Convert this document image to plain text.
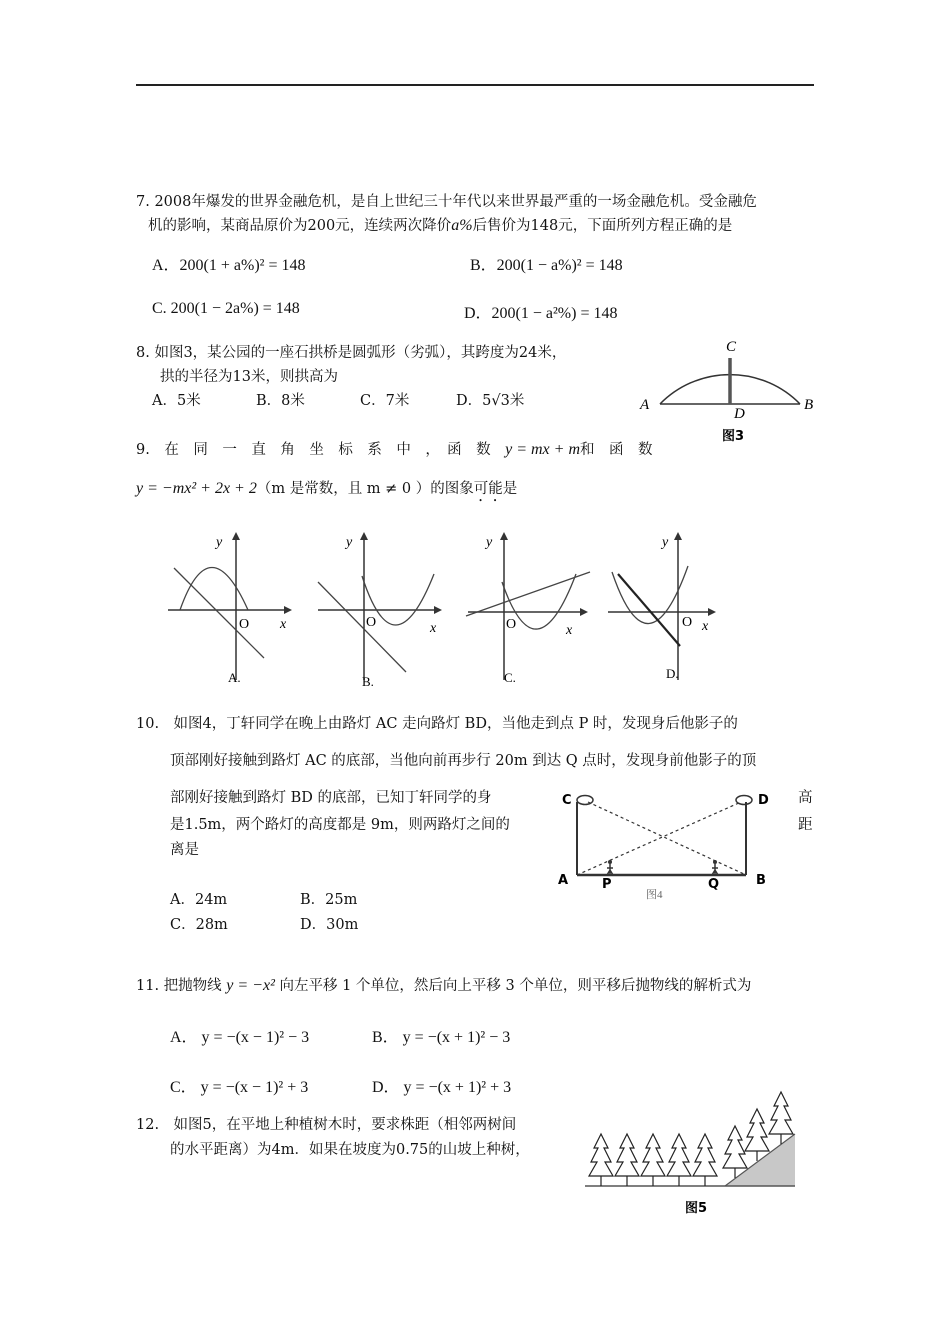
7. 2008年爆发的世界金融危机，是自上世纪三十年代以来世界最严重的一场金融危机。受金融危
机的影响，某商品原价为200元，连续两次降价a%后售价为148元，下面所列方程正确的是
A．200(1 + a%)² = 148	B．200(1 − a%)² = 148
C. 200(1 − 2a%) = 148	D．200(1 − a²%) = 148
8. 如图3，某公园的一座石拱桥是圆弧形（劣弧），其跨度为24米，
拱的半径为13米，则拱高为
A．5米	B．8米	C．7米	D．5√3米
C
A	B
D
图3
9.　在　同　一　直　角　坐　标　系　中　，　函　数　 y = mx + m和　函　数
y = −mx² + 2x + 2（m 是常数，且 m ≠ 0 ）的图象可能是
y
x
O
A.
y
x
O
B.
y
x
O
C.
y
x
O
D.
10.　如图4，丁轩同学在晚上由路灯 AC 走向路灯 BD，当他走到点 P 时，发现身后他影子的
顶部刚好接触到路灯 AC 的底部，当他向前再步行 20m 到达 Q 点时，发现身前他影子的顶
部刚好接触到路灯 BD 的底部，已知丁轩同学的身	高
是1.5m，两个路灯的高度都是 9m，则两路灯之间的	距
离是
A．24m	B．25m
C．28m	D．30m
C	D
A	P	Q	B
图4
11. 把抛物线 y = −x² 向左平移 1 个单位，然后向上平移 3 个单位，则平移后抛物线的解析式为
A． y = −(x − 1)² − 3	B． y = −(x + 1)² − 3
C． y = −(x − 1)² + 3	D． y = −(x + 1)² + 3
12.　如图5，在平地上种植树木时，要求株距（相邻两树间
的水平距离）为4m．如果在坡度为0.75的山坡上种树，
图5
